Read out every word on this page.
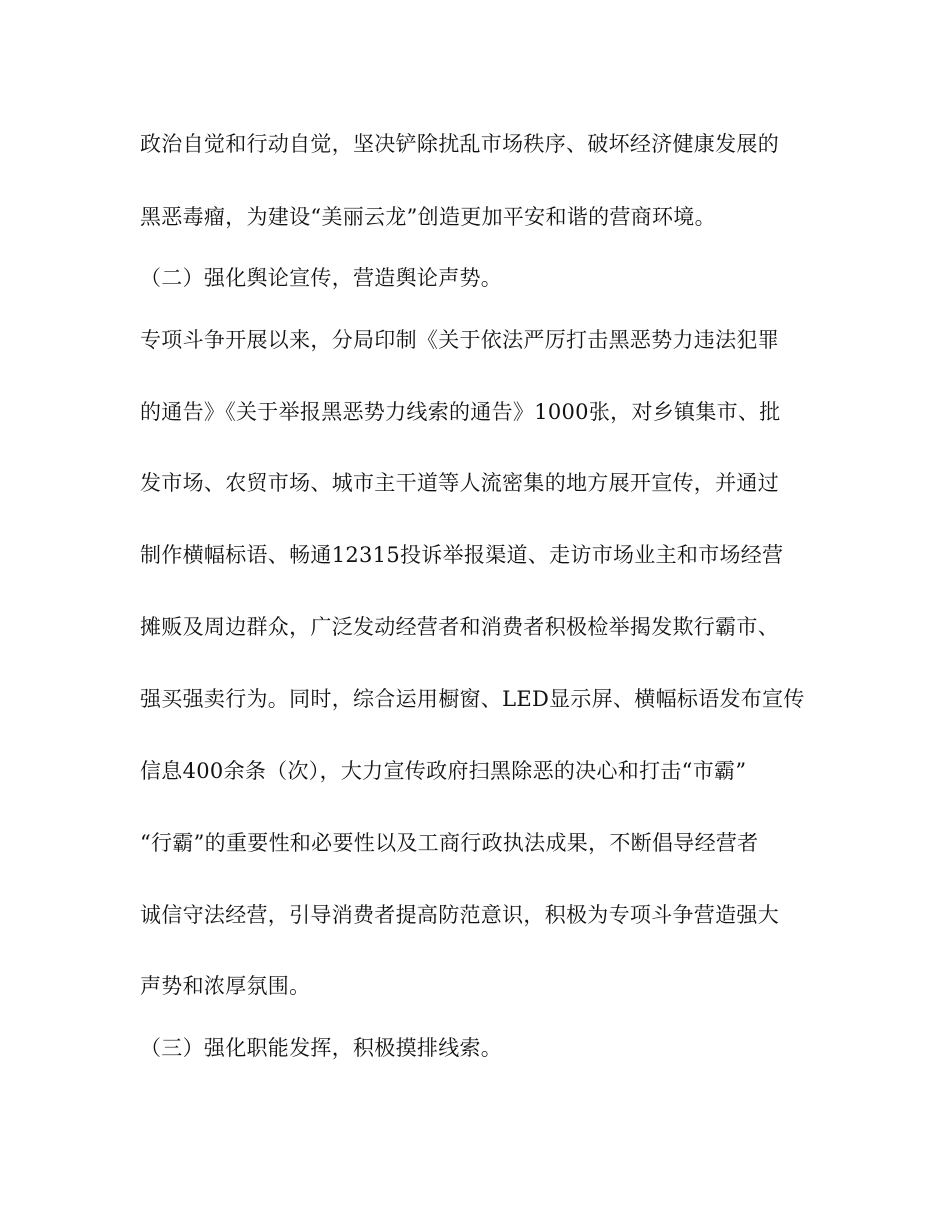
政治自觉和行动自觉，坚决铲除扰乱市场秩序、破坏经济健康发展的
黑恶毒瘤，为建设“美丽云龙”创造更加平安和谐的营商环境。
（二）强化舆论宣传，营造舆论声势。
专项斗争开展以来，分局印制《关于依法严厉打击黑恶势力违法犯罪
的通告》《关于举报黑恶势力线索的通告》1000张，对乡镇集市、批
发市场、农贸市场、城市主干道等人流密集的地方展开宣传，并通过
制作横幅标语、畅通12315投诉举报渠道、走访市场业主和市场经营
摊贩及周边群众，广泛发动经营者和消费者积极检举揭发欺行霸市、
强买强卖行为。同时，综合运用橱窗、LED显示屏、横幅标语发布宣传
信息400余条（次），大力宣传政府扫黑除恶的决心和打击“市霸”
“行霸”的重要性和必要性以及工商行政执法成果，不断倡导经营者
诚信守法经营，引导消费者提高防范意识，积极为专项斗争营造强大
声势和浓厚氛围。
（三）强化职能发挥，积极摸排线索。
